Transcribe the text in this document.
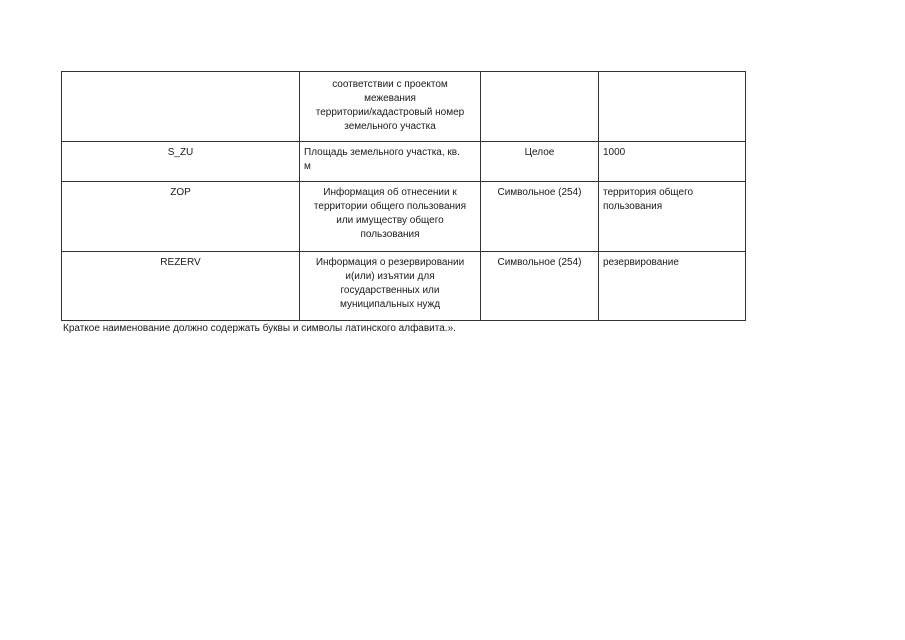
	соответствии с проектом
межевания
территории/кадастровый номер
земельного участка		

S_ZU	Площадь земельного участка, кв.
м	Целое	1000

ZOP	Информация об отнесении к
территории общего пользования
или имуществу общего
пользования	Символьное (254)	территория общего
пользования

REZERV	Информация о резервировании
и(или) изъятии для
государственных или
муниципальных нужд	Символьное (254)	резервирование
Краткое наименование должно содержать буквы и символы латинского алфавита.».
